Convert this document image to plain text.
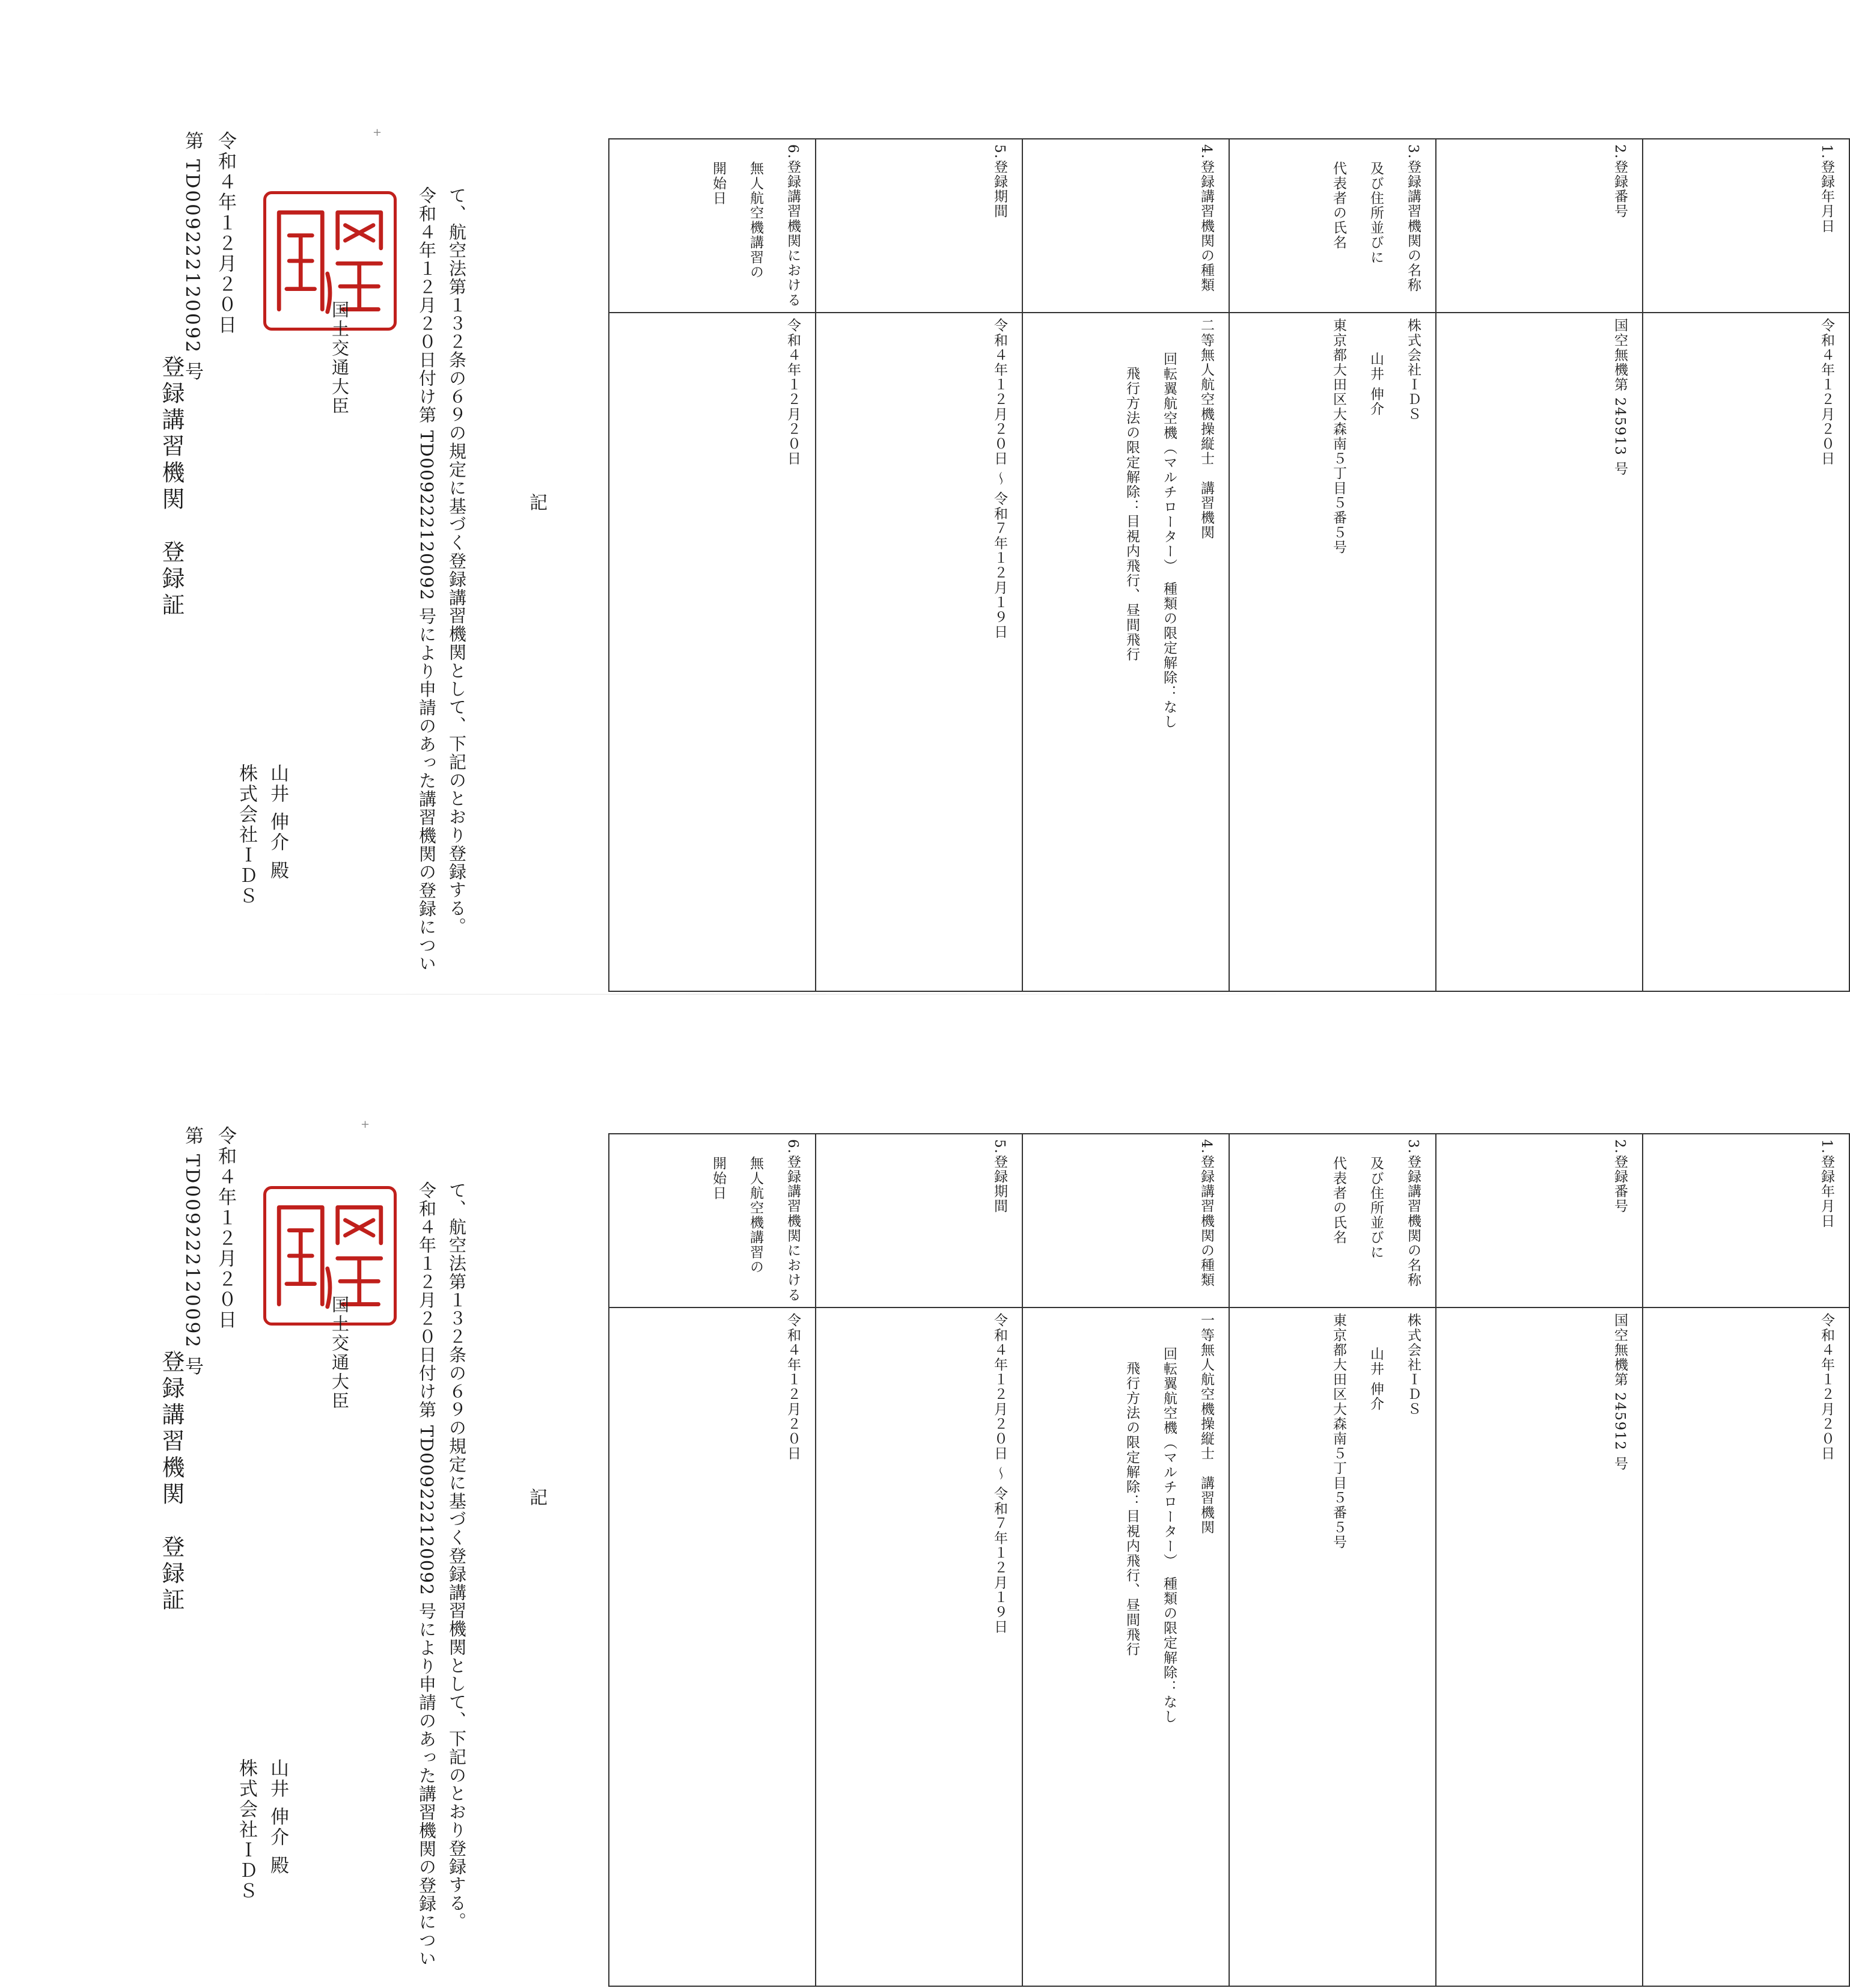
登録講習機関　登録証
第 TD009222120092 号 令和４年１２月２０日
株式会社ＩＤＳ 山井 伸介 殿
国土交通大臣	令和４年１２月２０日付け第 TD009222120092 号により申請のあった講習機関の登録につい て、航空法第１３２条の６９の規定に基づく登録講習機関として、下記のとおり登録する。	記
+
1.登録年月日	令和４年１２月２０日

2.登録番号	国空無機第 245913 号

3.登録講習機関の名称
及び住所並びに
代表者の氏名	株式会社ＩＤＳ
山井 伸介
東京都大田区大森南５丁目５番５号

4.登録講習機関の種類	二等無人航空機操縦士　講習機関
回転翼航空機（マルチローター）　種類の限定解除：なし
飛行方法の限定解除：目視内飛行、昼間飛行

5.登録期間	令和４年１２月２０日 ～ 令和７年１２月１９日

6.登録講習機関における
無人航空機講習の
開始日	令和４年１２月２０日
登録講習機関　登録証
第 TD009222120092 号 令和４年１２月２０日
株式会社ＩＤＳ 山井 伸介 殿
国土交通大臣	令和４年１２月２０日付け第 TD009222120092 号により申請のあった講習機関の登録につい て、航空法第１３２条の６９の規定に基づく登録講習機関として、下記のとおり登録する。	記
+
1.登録年月日	令和４年１２月２０日

2.登録番号	国空無機第 245912 号

3.登録講習機関の名称
及び住所並びに
代表者の氏名	株式会社ＩＤＳ
山井 伸介
東京都大田区大森南５丁目５番５号

4.登録講習機関の種類	一等無人航空機操縦士　講習機関
回転翼航空機（マルチローター）　種類の限定解除：なし
飛行方法の限定解除：目視内飛行、昼間飛行

5.登録期間	令和４年１２月２０日 ～ 令和７年１２月１９日

6.登録講習機関における
無人航空機講習の
開始日	令和４年１２月２０日
